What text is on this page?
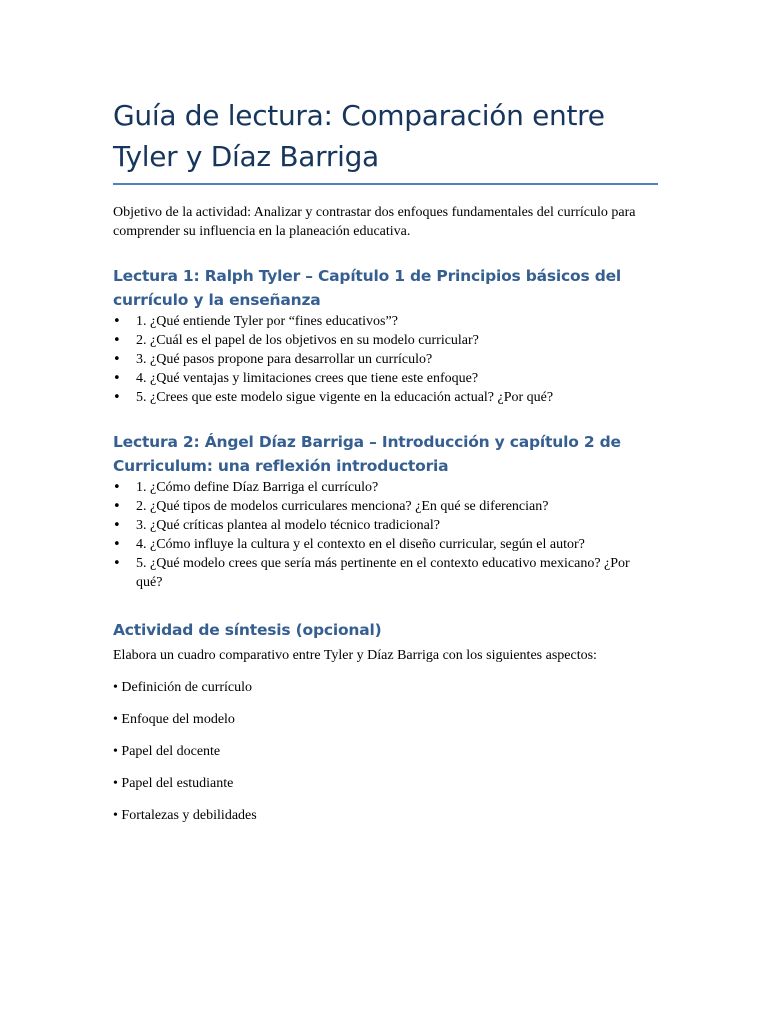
Guía de lectura: Comparación entre Tyler y Díaz Barriga

Objetivo de la actividad: Analizar y contrastar dos enfoques fundamentales del currículo para comprender su influencia en la planeación educativa.

Lectura 1: Ralph Tyler – Capítulo 1 de Principios básicos del currículo y la enseñanza
• 1. ¿Qué entiende Tyler por “fines educativos”?
• 2. ¿Cuál es el papel de los objetivos en su modelo curricular?
• 3. ¿Qué pasos propone para desarrollar un currículo?
• 4. ¿Qué ventajas y limitaciones crees que tiene este enfoque?
• 5. ¿Crees que este modelo sigue vigente en la educación actual? ¿Por qué?
Lectura 2: Ángel Díaz Barriga – Introducción y capítulo 2 de Curriculum: una reflexión introductoria
• 1. ¿Cómo define Díaz Barriga el currículo?
• 2. ¿Qué tipos de modelos curriculares menciona? ¿En qué se diferencian?
• 3. ¿Qué críticas plantea al modelo técnico tradicional?
• 4. ¿Cómo influye la cultura y el contexto en el diseño curricular, según el autor?
• 5. ¿Qué modelo crees que sería más pertinente en el contexto educativo mexicano? ¿Por qué?
Actividad de síntesis (opcional)

Elabora un cuadro comparativo entre Tyler y Díaz Barriga con los siguientes aspectos:

• Definición de currículo

• Enfoque del modelo

• Papel del docente

• Papel del estudiante

• Fortalezas y debilidades
